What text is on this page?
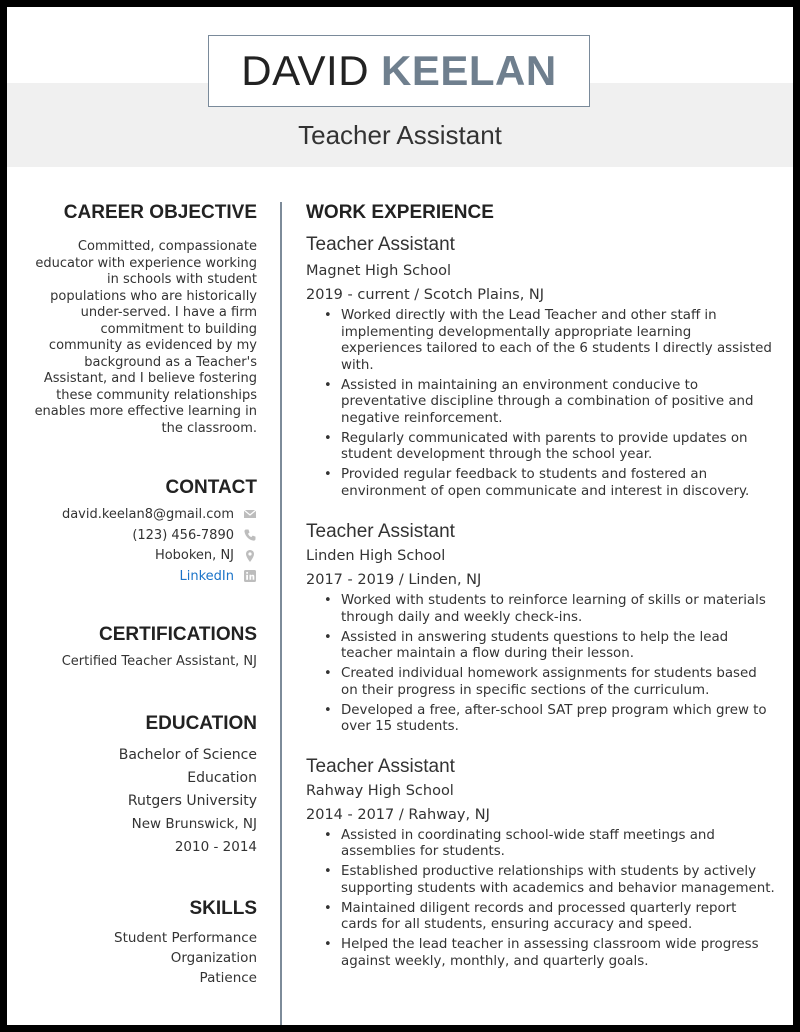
DAVID KEELAN
Teacher Assistant
CAREER OBJECTIVE

Committed, compassionate educator with experience working in schools with student populations who are historically under-served. I have a firm commitment to building community as evidenced by my background as a Teacher's Assistant, and I believe fostering these community relationships enables more effective learning in the classroom.

CONTACT
david.keelan8@gmail.com
(123) 456-7890
Hoboken, NJ
LinkedIn
CERTIFICATIONS

Certified Teacher Assistant, NJ

EDUCATION
Bachelor of Science
Education
Rutgers University
New Brunswick, NJ
2010 - 2014
SKILLS
Student Performance
Organization
Patience
WORK EXPERIENCE
Teacher Assistant
Magnet High School
2019 - current / Scotch Plains, NJ
• Worked directly with the Lead Teacher and other staff in implementing developmentally appropriate learning experiences tailored to each of the 6 students I directly assisted with.
• Assisted in maintaining an environment conducive to preventative discipline through a combination of positive and negative reinforcement.
• Regularly communicated with parents to provide updates on student development through the school year.
• Provided regular feedback to students and fostered an environment of open communicate and interest in discovery.
Teacher Assistant
Linden High School
2017 - 2019 / Linden, NJ
• Worked with students to reinforce learning of skills or materials through daily and weekly check-ins.
• Assisted in answering students questions to help the lead teacher maintain a flow during their lesson.
• Created individual homework assignments for students based on their progress in specific sections of the curriculum.
• Developed a free, after-school SAT prep program which grew to over 15 students.
Teacher Assistant
Rahway High School
2014 - 2017 / Rahway, NJ
• Assisted in coordinating school-wide staff meetings and assemblies for students.
• Established productive relationships with students by actively supporting students with academics and behavior management.
• Maintained diligent records and processed quarterly report cards for all students, ensuring accuracy and speed.
• Helped the lead teacher in assessing classroom wide progress against weekly, monthly, and quarterly goals.
